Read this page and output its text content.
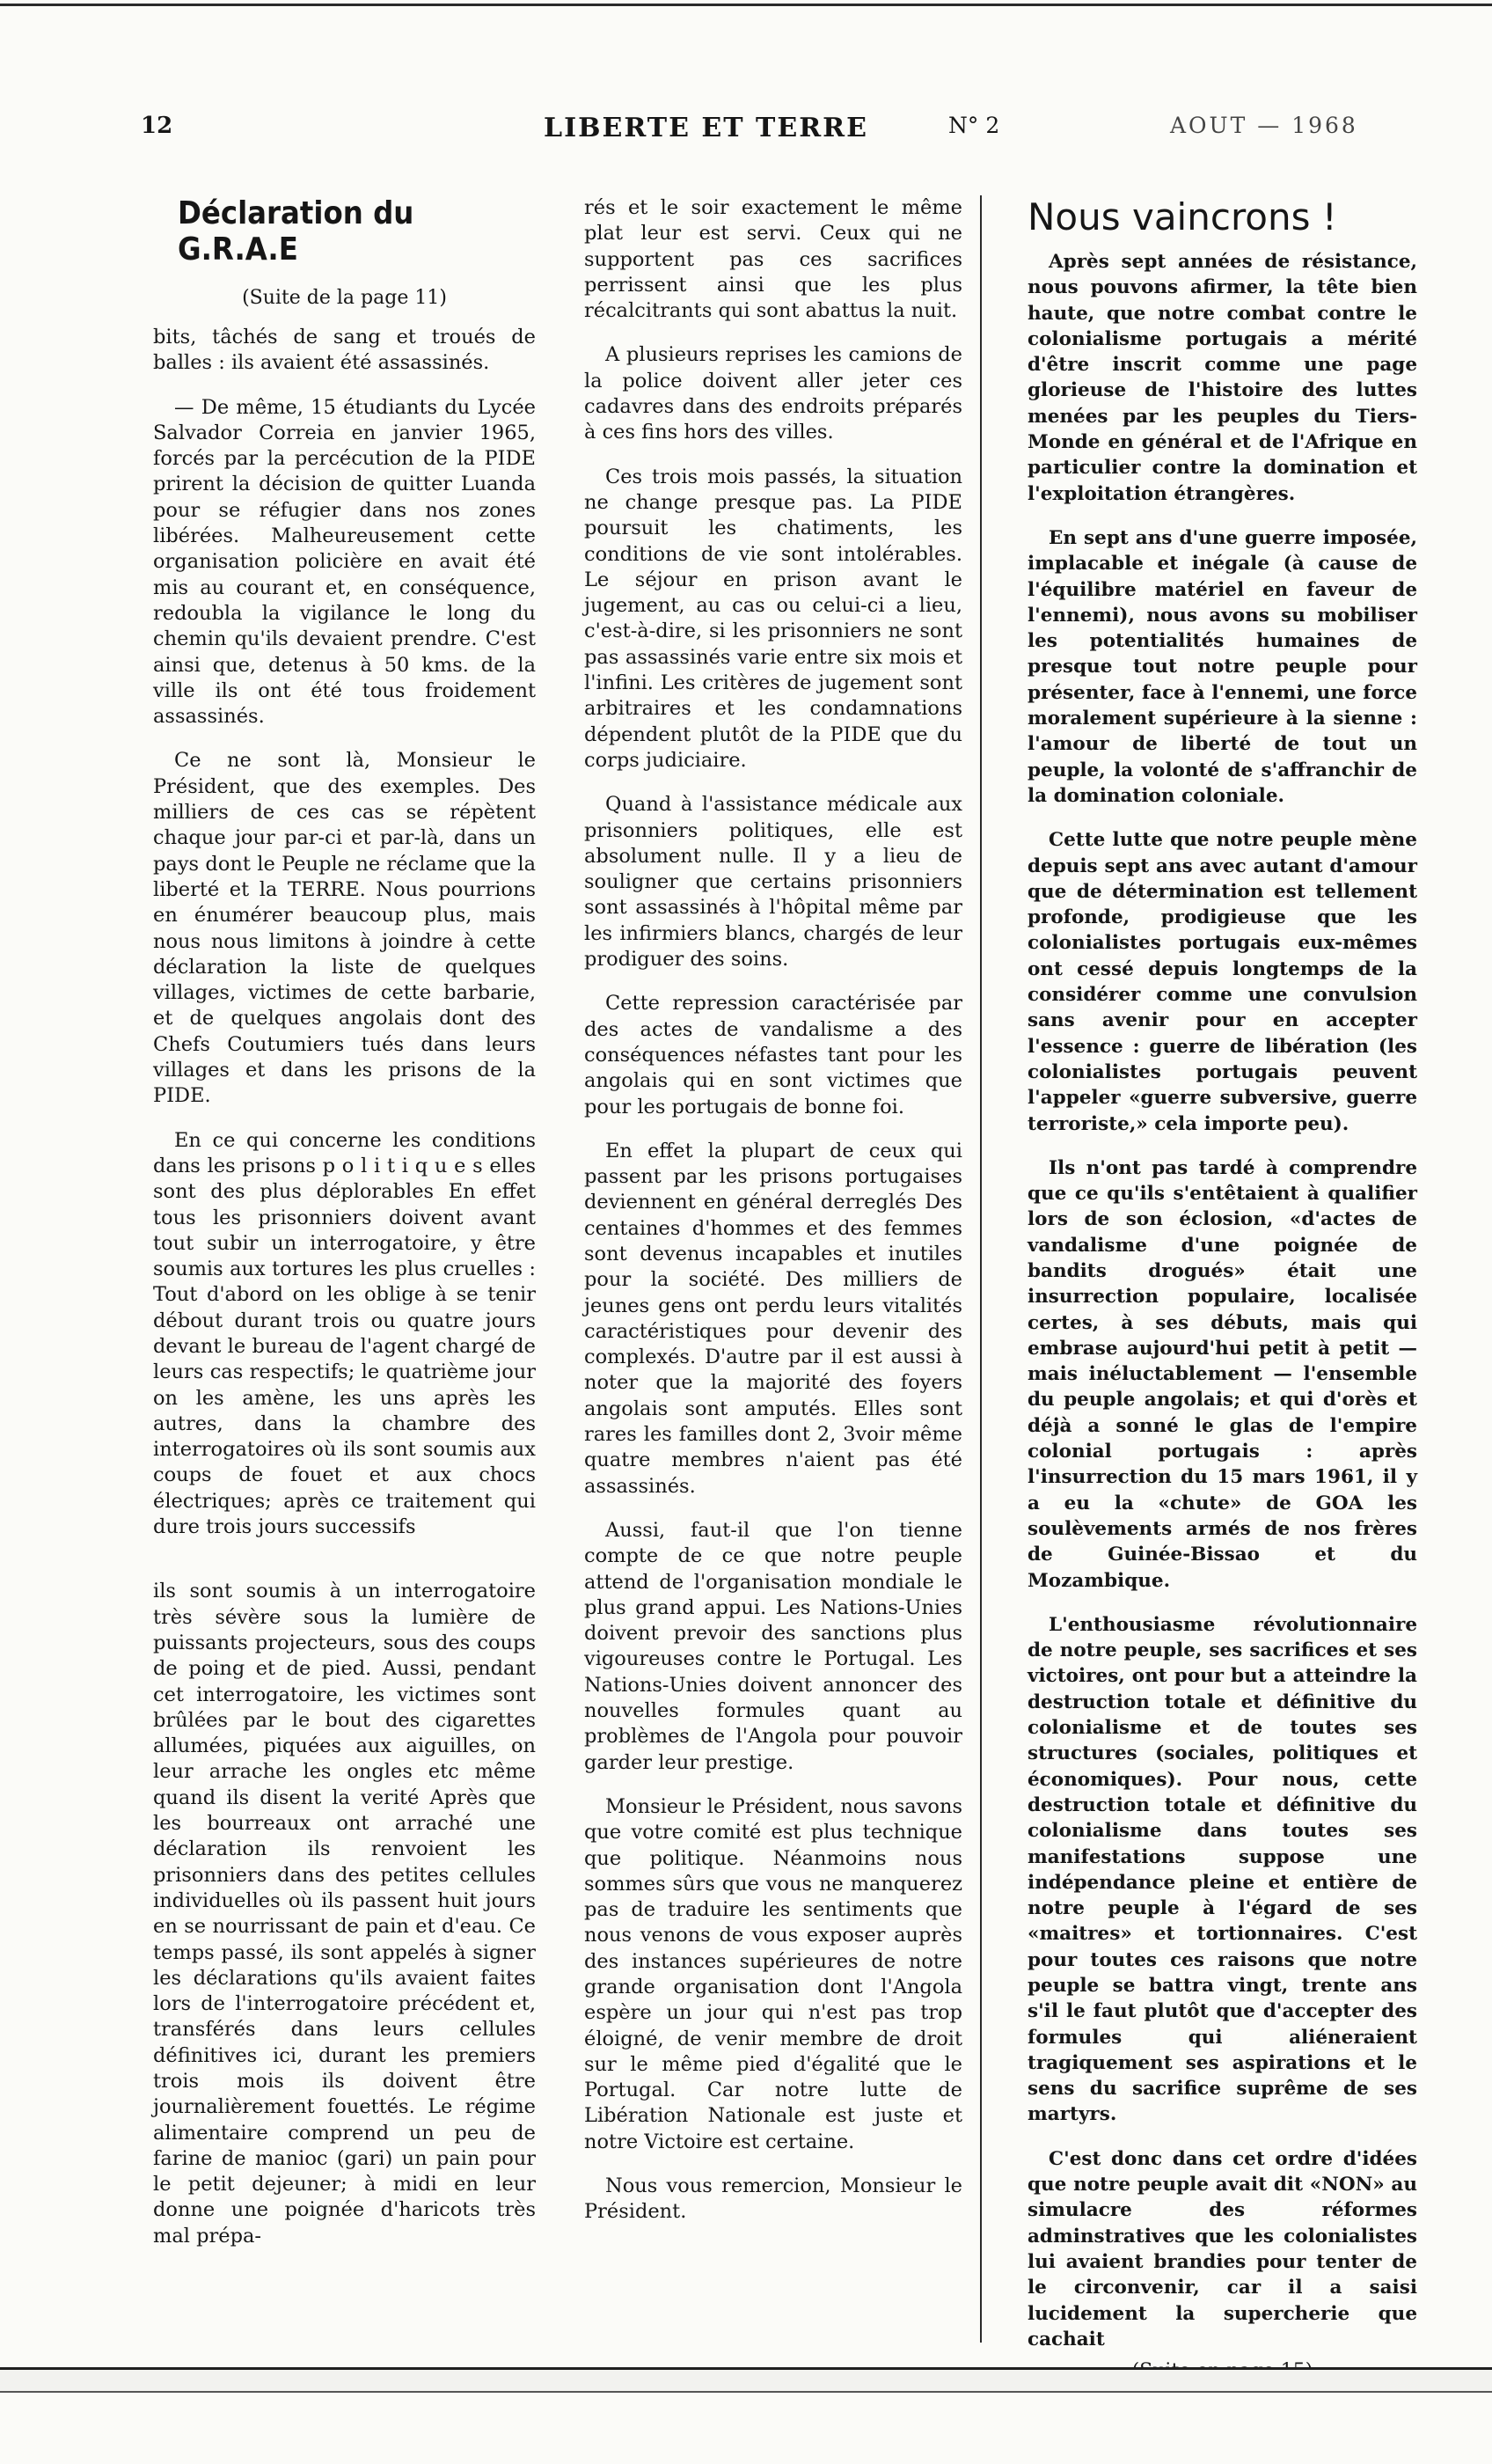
12	LIBERTE ET TERRE	N° 2	AOUT — 1968
Déclaration du G.R.A.E
(Suite de la page 11)

bits, tâchés de sang et troués de balles : ils avaient été assassinés.

— De même, 15 étudiants du Lycée Salvador Correia en janvier 1965, forcés par la percécution de la PIDE prirent la décision de quitter Luanda pour se réfugier dans nos zones libérées. Malheureusement cette organisation policière en avait été mis au courant et, en conséquence, redoubla la vigilance le long du chemin qu'ils devaient prendre. C'est ainsi que, detenus à 50 kms. de la ville ils ont été tous froidement assassinés.

Ce ne sont là, Monsieur le Président, que des exemples. Des milliers de ces cas se répètent chaque jour par-ci et par-là, dans un pays dont le Peuple ne réclame que la liberté et la TERRE. Nous pourrions en énumérer beaucoup plus, mais nous nous limitons à joindre à cette déclaration la liste de quelques villages, victimes de cette barbarie, et de quelques angolais dont des Chefs Coutumiers tués dans leurs villages et dans les prisons de la PIDE.

En ce qui concerne les conditions dans les prisons p o l i t i q u e s elles sont des plus déplorables En effet tous les prisonniers doivent avant tout subir un interrogatoire, y être soumis aux tortures les plus cruelles : Tout d'abord on les oblige à se tenir débout durant trois ou quatre jours devant le bureau de l'agent chargé de leurs cas respectifs; le quatrième jour on les amène, les uns après les autres, dans la chambre des interrogatoires où ils sont soumis aux coups de fouet et aux chocs électriques; après ce traitement qui dure trois jours successifs

ils sont soumis à un interrogatoire très sévère sous la lumière de puissants projecteurs, sous des coups de poing et de pied. Aussi, pendant cet interrogatoire, les victimes sont brûlées par le bout des cigarettes allumées, piquées aux aiguilles, on leur arrache les ongles etc même quand ils disent la verité Après que les bourreaux ont arraché une déclaration ils renvoient les prisonniers dans des petites cellules individuelles où ils passent huit jours en se nourrissant de pain et d'eau. Ce temps passé, ils sont appelés à signer les déclarations qu'ils avaient faites lors de l'interrogatoire précédent et, transférés dans leurs cellules définitives ici, durant les premiers trois mois ils doivent être journalièrement fouettés. Le régime alimentaire comprend un peu de farine de manioc (gari) un pain pour le petit dejeuner; à midi en leur donne une poignée d'haricots très mal prépa-

rés et le soir exactement le même plat leur est servi. Ceux qui ne supportent pas ces sacrifices perrissent ainsi que les plus récalcitrants qui sont abattus la nuit.

A plusieurs reprises les camions de la police doivent aller jeter ces cadavres dans des endroits préparés à ces fins hors des villes.

Ces trois mois passés, la situation ne change presque pas. La PIDE poursuit les chatiments, les conditions de vie sont intolérables. Le séjour en prison avant le jugement, au cas ou celui-ci a lieu, c'est-à-dire, si les prisonniers ne sont pas assassinés varie entre six mois et l'infini. Les critères de jugement sont arbitraires et les condamnations dépendent plutôt de la PIDE que du corps judiciaire.

Quand à l'assistance médicale aux prisonniers politiques, elle est absolument nulle. Il y a lieu de souligner que certains prisonniers sont assassinés à l'hôpital même par les infirmiers blancs, chargés de leur prodiguer des soins.

Cette repression caractérisée par des actes de vandalisme a des conséquences néfastes tant pour les angolais qui en sont victimes que pour les portugais de bonne foi.

En effet la plupart de ceux qui passent par les prisons portugaises deviennent en général derreglés Des centaines d'hommes et des femmes sont devenus incapables et inutiles pour la société. Des milliers de jeunes gens ont perdu leurs vitalités caractéristiques pour devenir des complexés. D'autre par il est aussi à noter que la majorité des foyers angolais sont amputés. Elles sont rares les familles dont 2, 3voir même quatre membres n'aient pas été assassinés.

Aussi, faut-il que l'on tienne compte de ce que notre peuple attend de l'organisation mondiale le plus grand appui. Les Nations-Unies doivent prevoir des sanctions plus vigoureuses contre le Portugal. Les Nations-Unies doivent annoncer des nouvelles formules quant au problèmes de l'Angola pour pouvoir garder leur prestige.

Monsieur le Président, nous savons que votre comité est plus technique que politique. Néanmoins nous sommes sûrs que vous ne manquerez pas de traduire les sentiments que nous venons de vous exposer auprès des instances supérieures de notre grande organisation dont l'Angola espère un jour qui n'est pas trop éloigné, de venir membre de droit sur le même pied d'égalité que le Portugal. Car notre lutte de Libération Nationale est juste et notre Victoire est certaine.

Nous vous remercion, Monsieur le Président.

Nous vaincrons !

Après sept années de résistance, nous pouvons afirmer, la tête bien haute, que notre combat contre le colonialisme portugais a mérité d'être inscrit comme une page glorieuse de l'histoire des luttes menées par les peuples du Tiers-Monde en général et de l'Afrique en particulier contre la domination et l'exploitation étrangères.

En sept ans d'une guerre imposée, implacable et inégale (à cause de l'équilibre matériel en faveur de l'ennemi), nous avons su mobiliser les potentialités humaines de presque tout notre peuple pour présenter, face à l'ennemi, une force moralement supérieure à la sienne : l'amour de liberté de tout un peuple, la volonté de s'affranchir de la domination coloniale.

Cette lutte que notre peuple mène depuis sept ans avec autant d'amour que de détermination est tellement profonde, prodigieuse que les colonialistes portugais eux-mêmes ont cessé depuis longtemps de la considérer comme une convulsion sans avenir pour en accepter l'essence : guerre de libération (les colonialistes portugais peuvent l'appeler «guerre subversive, guerre terroriste,» cela importe peu).

Ils n'ont pas tardé à comprendre que ce qu'ils s'entêtaient à qualifier lors de son éclosion, «d'actes de vandalisme d'une poignée de bandits drogués» était une insurrection populaire, localisée certes, à ses débuts, mais qui embrase aujourd'hui petit à petit — mais inéluctablement — l'ensemble du peuple angolais; et qui d'orès et déjà a sonné le glas de l'empire colonial portugais : après l'insurrection du 15 mars 1961, il y a eu la «chute» de GOA les soulèvements armés de nos frères de Guinée-Bissao et du Mozambique.

L'enthousiasme révolutionnaire de notre peuple, ses sacrifices et ses victoires, ont pour but a atteindre la destruction totale et définitive du colonialisme et de toutes ses structures (sociales, politiques et économiques). Pour nous, cette destruction totale et définitive du colonialisme dans toutes ses manifestations suppose une indépendance pleine et entière de notre peuple à l'égard de ses «maitres» et tortionnaires. C'est pour toutes ces raisons que notre peuple se battra vingt, trente ans s'il le faut plutôt que d'accepter des formules qui aliéneraient tragiquement ses aspirations et le sens du sacrifice suprême de ses martyrs.

C'est donc dans cet ordre d'idées que notre peuple avait dit «NON» au simulacre des réformes adminstratives que les colonialistes lui avaient brandies pour tenter de le circonvenir, car il a saisi lucidement la supercherie que cachait
